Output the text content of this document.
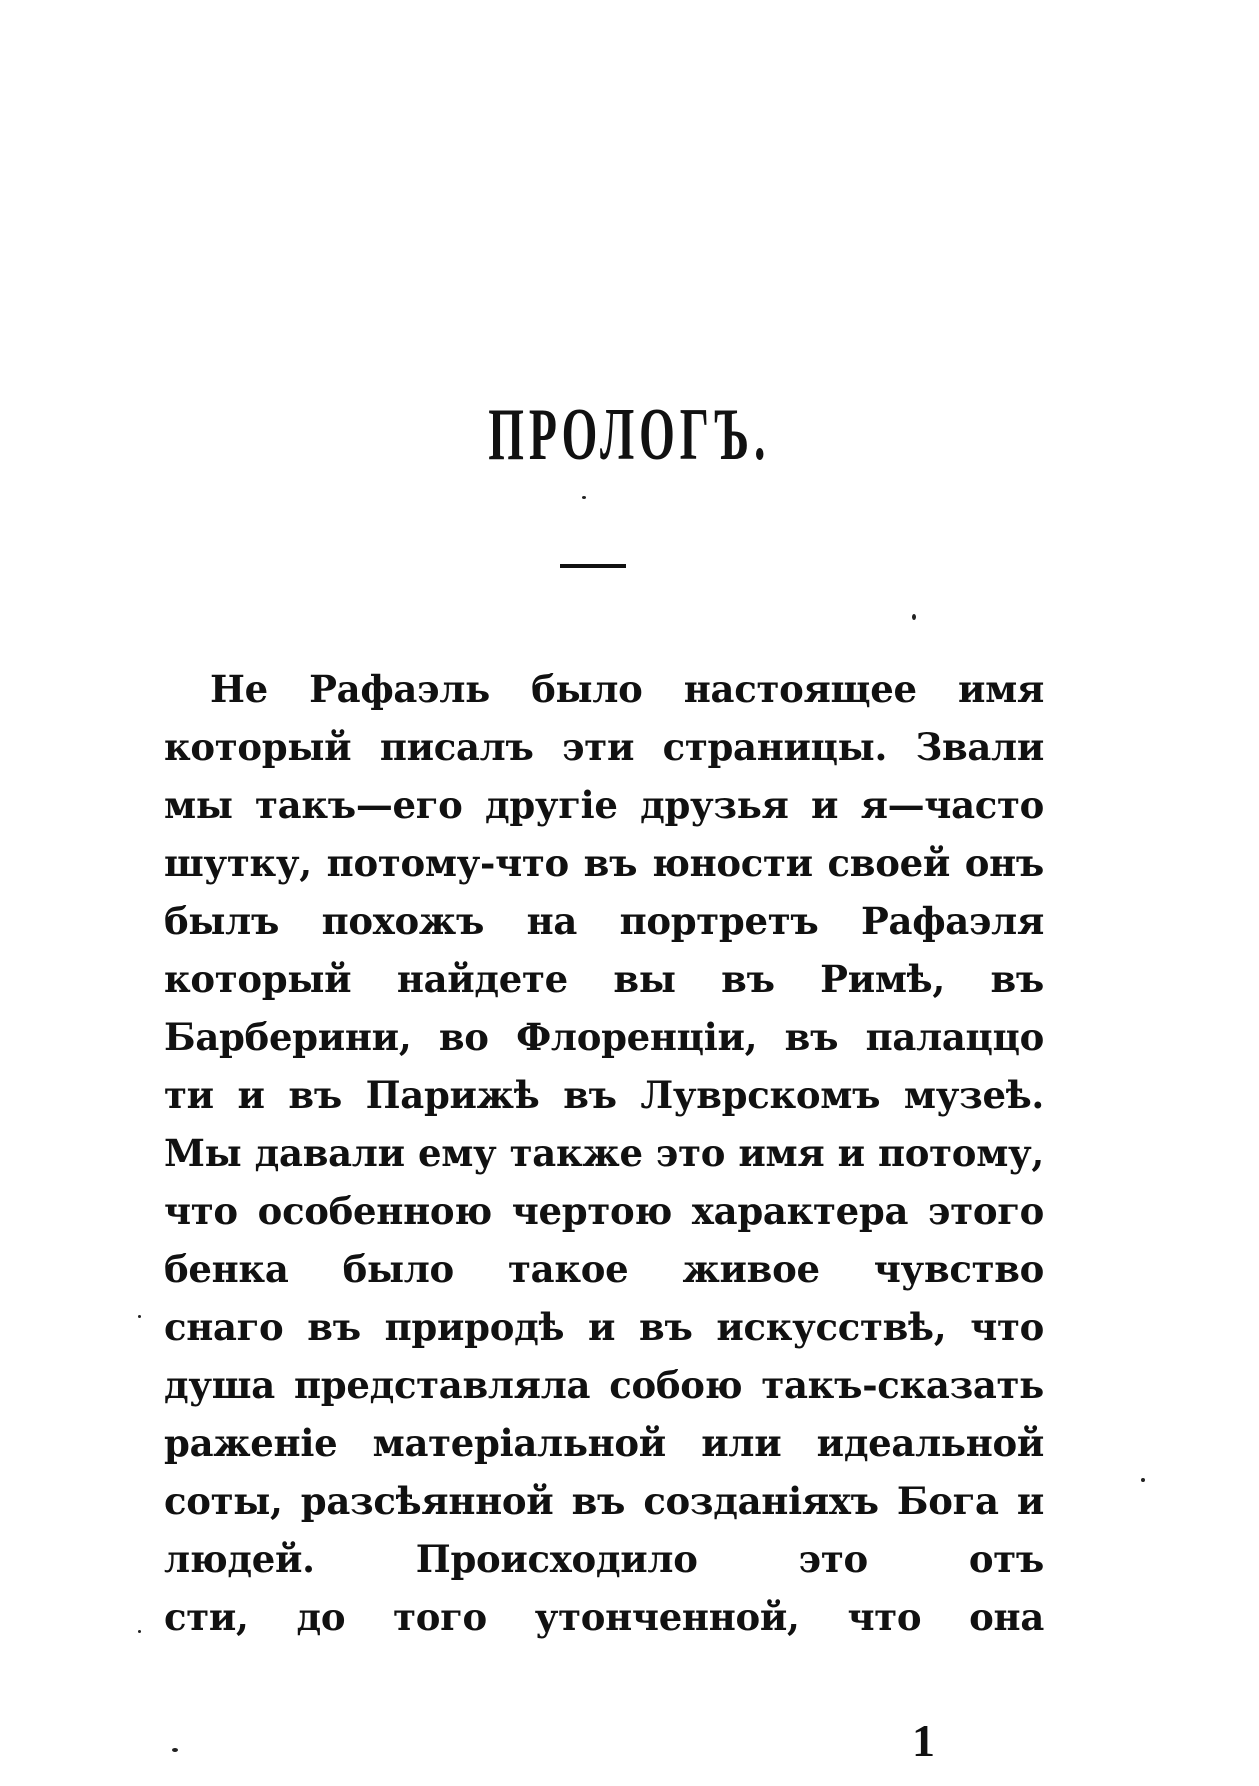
ПРОЛОГЪ.
Не Рафаэль было настоящее имя
который писалъ эти страницы. Звали
мы такъ—его другіе друзья и я—часто
шутку, потому-что въ юности своей онъ
былъ похожъ на портретъ Рафаэля
который найдете вы въ Римѣ, въ
Барберини, во Флоренціи, въ палаццо
ти и въ Парижѣ въ Луврскомъ музеѣ.
Мы давали ему также это имя и потому,
что особенною чертою характера этого
бенка было такое живое чувство
снаго въ природѣ и въ искусствѣ, что
душа представляла собою такъ-сказать
раженіе матеріальной или идеальной
соты, разсѣянной въ созданіяхъ Бога и
людей. Происходило это отъ
сти, до того утонченной, что она
1
